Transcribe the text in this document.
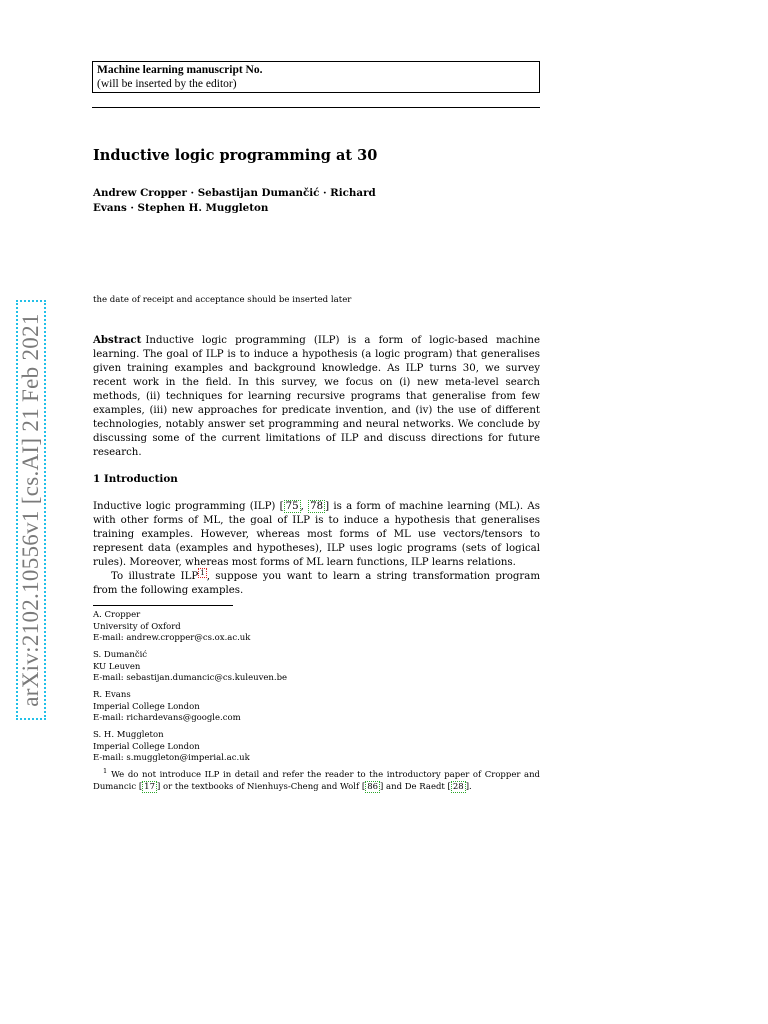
arXiv:2102.10556v1 [cs.AI] 21 Feb 2021
Machine learning manuscript No.
(will be inserted by the editor)
Inductive logic programming at 30
Andrew Cropper · Sebastijan Dumančić · Richard
Evans · Stephen H. Muggleton
the date of receipt and acceptance should be inserted later
Abstract Inductive logic programming (ILP) is a form of logic-based machine learning. The goal of ILP is to induce a hypothesis (a logic program) that generalises given training examples and background knowledge. As ILP turns 30, we survey recent work in the field. In this survey, we focus on (i) new meta-level search methods, (ii) techniques for learning recursive programs that generalise from few examples, (iii) new approaches for predicate invention, and (iv) the use of different technologies, notably answer set programming and neural networks. We conclude by discussing some of the current limitations of ILP and discuss directions for future research.
1 Introduction

Inductive logic programming (ILP) [ 75 , 78 ] is a form of machine learning (ML). As with other forms of ML, the goal of ILP is to induce a hypothesis that generalises training examples. However, whereas most forms of ML use vectors/tensors to represent data (examples and hypotheses), ILP uses logic programs (sets of logical rules). Moreover, whereas most forms of ML learn functions, ILP learns relations.

To illustrate ILP $^1$ , suppose you want to learn a string transformation program from the following examples.

A. Cropper
University of Oxford
E-mail: andrew.cropper@cs.ox.ac.uk
S. Dumančić
KU Leuven
E-mail: sebastijan.dumancic@cs.kuleuven.be
R. Evans
Imperial College London
E-mail: richardevans@google.com
S. H. Muggleton
Imperial College London
E-mail: s.muggleton@imperial.ac.uk
$^1$ We do not introduce ILP in detail and refer the reader to the introductory paper of Cropper and Dumancic [ 17 ] or the textbooks of Nienhuys-Cheng and Wolf [ 86 ] and De Raedt [ 28 ].
